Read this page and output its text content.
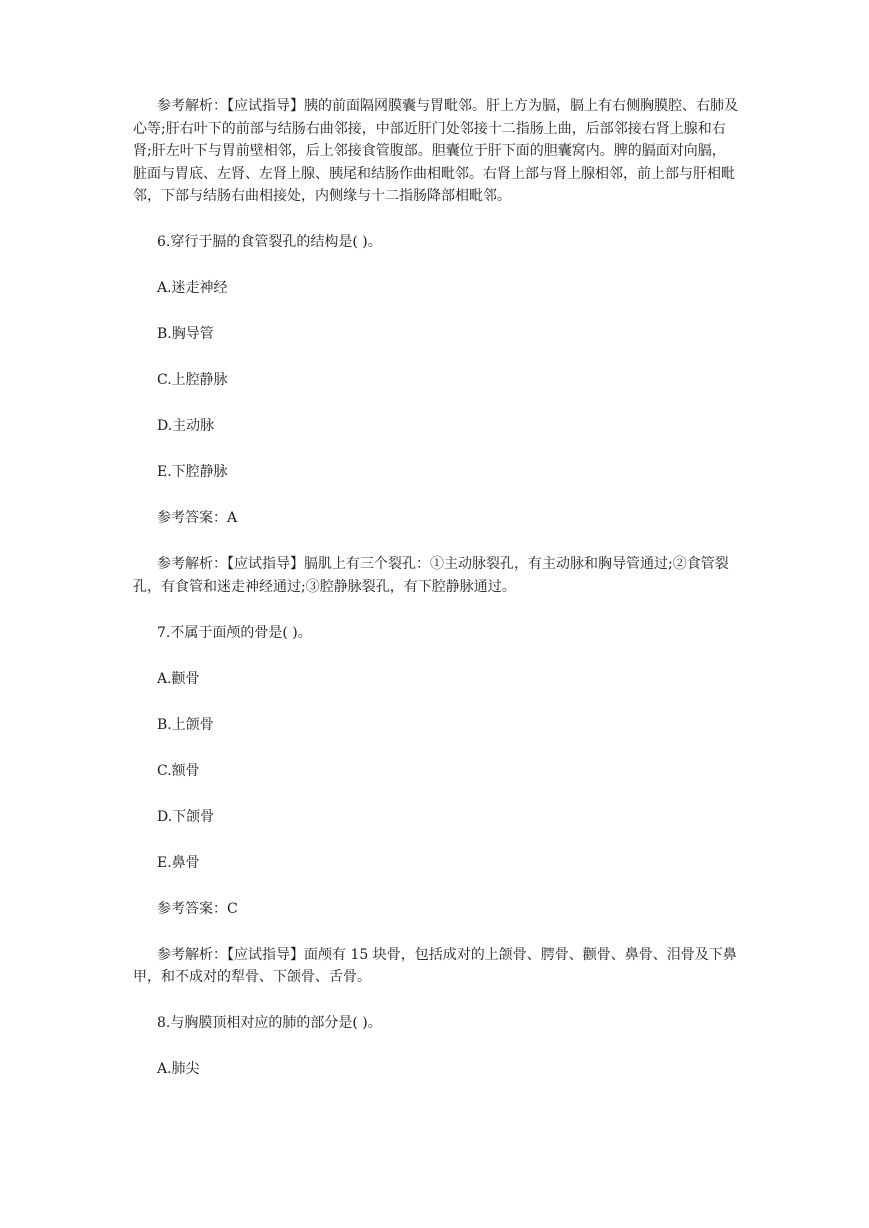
参考解析：【应试指导】胰的前面隔网膜囊与胃毗邻。肝上方为膈，膈上有右侧胸膜腔、右肺及心等;肝右叶下的前部与结肠右曲邻接，中部近肝门处邻接十二指肠上曲，后部邻接右肾上腺和右肾;肝左叶下与胃前壁相邻，后上邻接食管腹部。胆囊位于肝下面的胆囊窝内。脾的膈面对向膈，脏面与胃底、左肾、左肾上腺、胰尾和结肠作曲相毗邻。右肾上部与肾上腺相邻，前上部与肝相毗邻，下部与结肠右曲相接处，内侧缘与十二指肠降部相毗邻。

6.穿行于膈的食管裂孔的结构是( )。

A.迷走神经

B.胸导管

C.上腔静脉

D.主动脉

E.下腔静脉

参考答案：A

参考解析：【应试指导】膈肌上有三个裂孔：①主动脉裂孔，有主动脉和胸导管通过;②食管裂孔，有食管和迷走神经通过;③腔静脉裂孔，有下腔静脉通过。

7.不属于面颅的骨是( )。

A.颧骨

B.上颌骨

C.额骨

D.下颌骨

E.鼻骨

参考答案：C

参考解析：【应试指导】面颅有 15 块骨，包括成对的上颌骨、腭骨、颧骨、鼻骨、泪骨及下鼻甲，和不成对的犁骨、下颌骨、舌骨。

8.与胸膜顶相对应的肺的部分是( )。

A.肺尖
